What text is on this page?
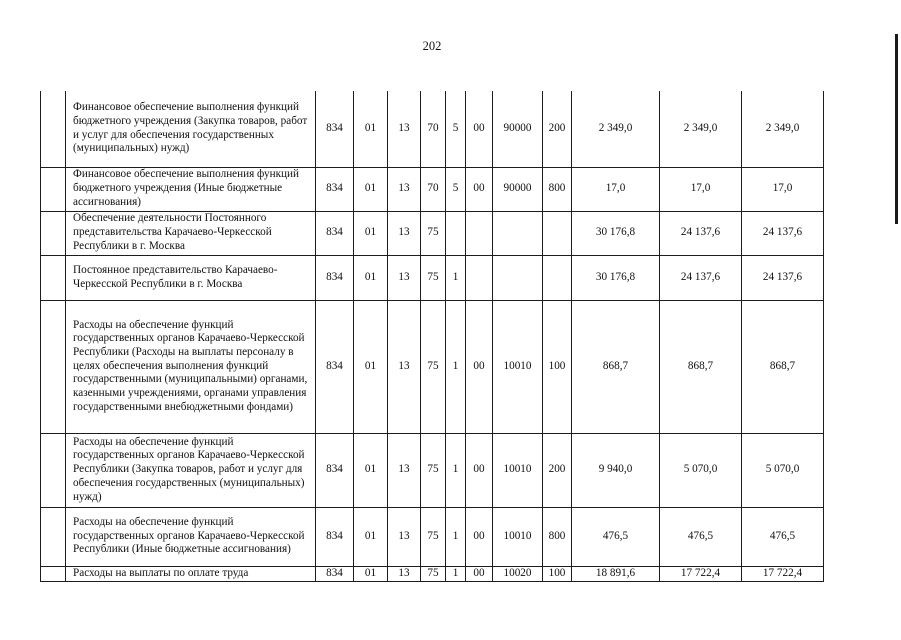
202
	Финансовое обеспечение выполнения функций бюджетного учреждения (Закупка товаров, работ и услуг для обеспечения государственных (муниципальных) нужд)	834	01	13	70	5	00	90000	200	2 349,0	2 349,0	2 349,0
	Финансовое обеспечение выполнения функций бюджетного учреждения (Иные бюджетные ассигнования)	834	01	13	70	5	00	90000	800	17,0	17,0	17,0
	Обеспечение деятельности Постоянного представительства Карачаево-Черкесской Республики в г. Москва	834	01	13	75					30 176,8	24 137,6	24 137,6
	Постоянное представительство Карачаево-Черкесской Республики в г. Москва	834	01	13	75	1				30 176,8	24 137,6	24 137,6
	Расходы на обеспечение функций государственных органов Карачаево-Черкесской Республики (Расходы на выплаты персоналу в целях обеспечения выполнения функций государственными (муниципальными) органами, казенными учреждениями, органами управления государственными внебюджетными фондами)	834	01	13	75	1	00	10010	100	868,7	868,7	868,7
	Расходы на обеспечение функций государственных органов Карачаево-Черкесской Республики (Закупка товаров, работ и услуг для обеспечения государственных (муниципальных) нужд)	834	01	13	75	1	00	10010	200	9 940,0	5 070,0	5 070,0
	Расходы на обеспечение функций государственных органов Карачаево-Черкесской Республики (Иные бюджетные ассигнования)	834	01	13	75	1	00	10010	800	476,5	476,5	476,5
	Расходы на выплаты по оплате труда	834	01	13	75	1	00	10020	100	18 891,6	17 722,4	17 722,4
